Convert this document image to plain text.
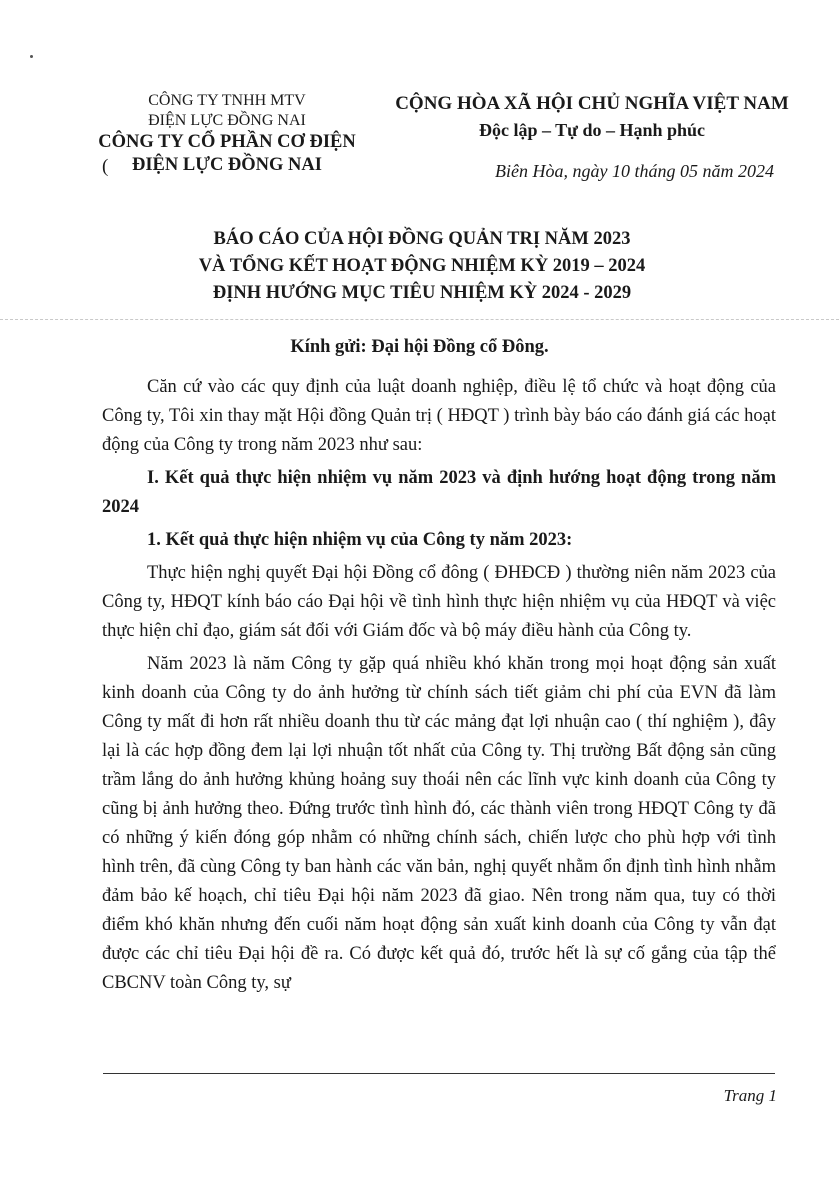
CÔNG TY TNHH MTV
ĐIỆN LỰC ĐỒNG NAI
CÔNG TY CỔ PHẦN CƠ ĐIỆN
( ĐIỆN LỰC ĐỒNG NAI
CỘNG HÒA XÃ HỘI CHỦ NGHĨA VIỆT NAM
Độc lập – Tự do – Hạnh phúc
Biên Hòa, ngày 10 tháng 05 năm 2024
BÁO CÁO CỦA HỘI ĐỒNG QUẢN TRỊ NĂM 2023
VÀ TỔNG KẾT HOẠT ĐỘNG NHIỆM KỲ 2019 – 2024
ĐỊNH HƯỚNG MỤC TIÊU NHIỆM KỲ 2024 - 2029
Kính gửi: Đại hội Đồng cổ Đông.

Căn cứ vào các quy định của luật doanh nghiệp, điều lệ tổ chức và hoạt động của Công ty, Tôi xin thay mặt Hội đồng Quản trị ( HĐQT ) trình bày báo cáo đánh giá các hoạt động của Công ty trong năm 2023 như sau:

I. Kết quả thực hiện nhiệm vụ năm 2023 và định hướng hoạt động trong năm 2024

1. Kết quả thực hiện nhiệm vụ của Công ty năm 2023:

Thực hiện nghị quyết Đại hội Đồng cổ đông ( ĐHĐCĐ ) thường niên năm 2023 của Công ty, HĐQT kính báo cáo Đại hội về tình hình thực hiện nhiệm vụ của HĐQT và việc thực hiện chỉ đạo, giám sát đối với Giám đốc và bộ máy điều hành của Công ty.

Năm 2023 là năm Công ty gặp quá nhiều khó khăn trong mọi hoạt động sản xuất kinh doanh của Công ty do ảnh hưởng từ chính sách tiết giảm chi phí của EVN đã làm Công ty mất đi hơn rất nhiều doanh thu từ các mảng đạt lợi nhuận cao ( thí nghiệm ), đây lại là các hợp đồng đem lại lợi nhuận tốt nhất của Công ty. Thị trường Bất động sản cũng trầm lắng do ảnh hưởng khủng hoảng suy thoái nên các lĩnh vực kinh doanh của Công ty cũng bị ảnh hưởng theo. Đứng trước tình hình đó, các thành viên trong HĐQT Công ty đã có những ý kiến đóng góp nhằm có những chính sách, chiến lược cho phù hợp với tình hình trên, đã cùng Công ty ban hành các văn bản, nghị quyết nhằm ổn định tình hình nhằm đảm bảo kế hoạch, chỉ tiêu Đại hội năm 2023 đã giao. Nên trong năm qua, tuy có thời điểm khó khăn nhưng đến cuối năm hoạt động sản xuất kinh doanh của Công ty vẫn đạt được các chỉ tiêu Đại hội đề ra. Có được kết quả đó, trước hết là sự cố gắng của tập thể CBCNV toàn Công ty, sự

Trang 1
